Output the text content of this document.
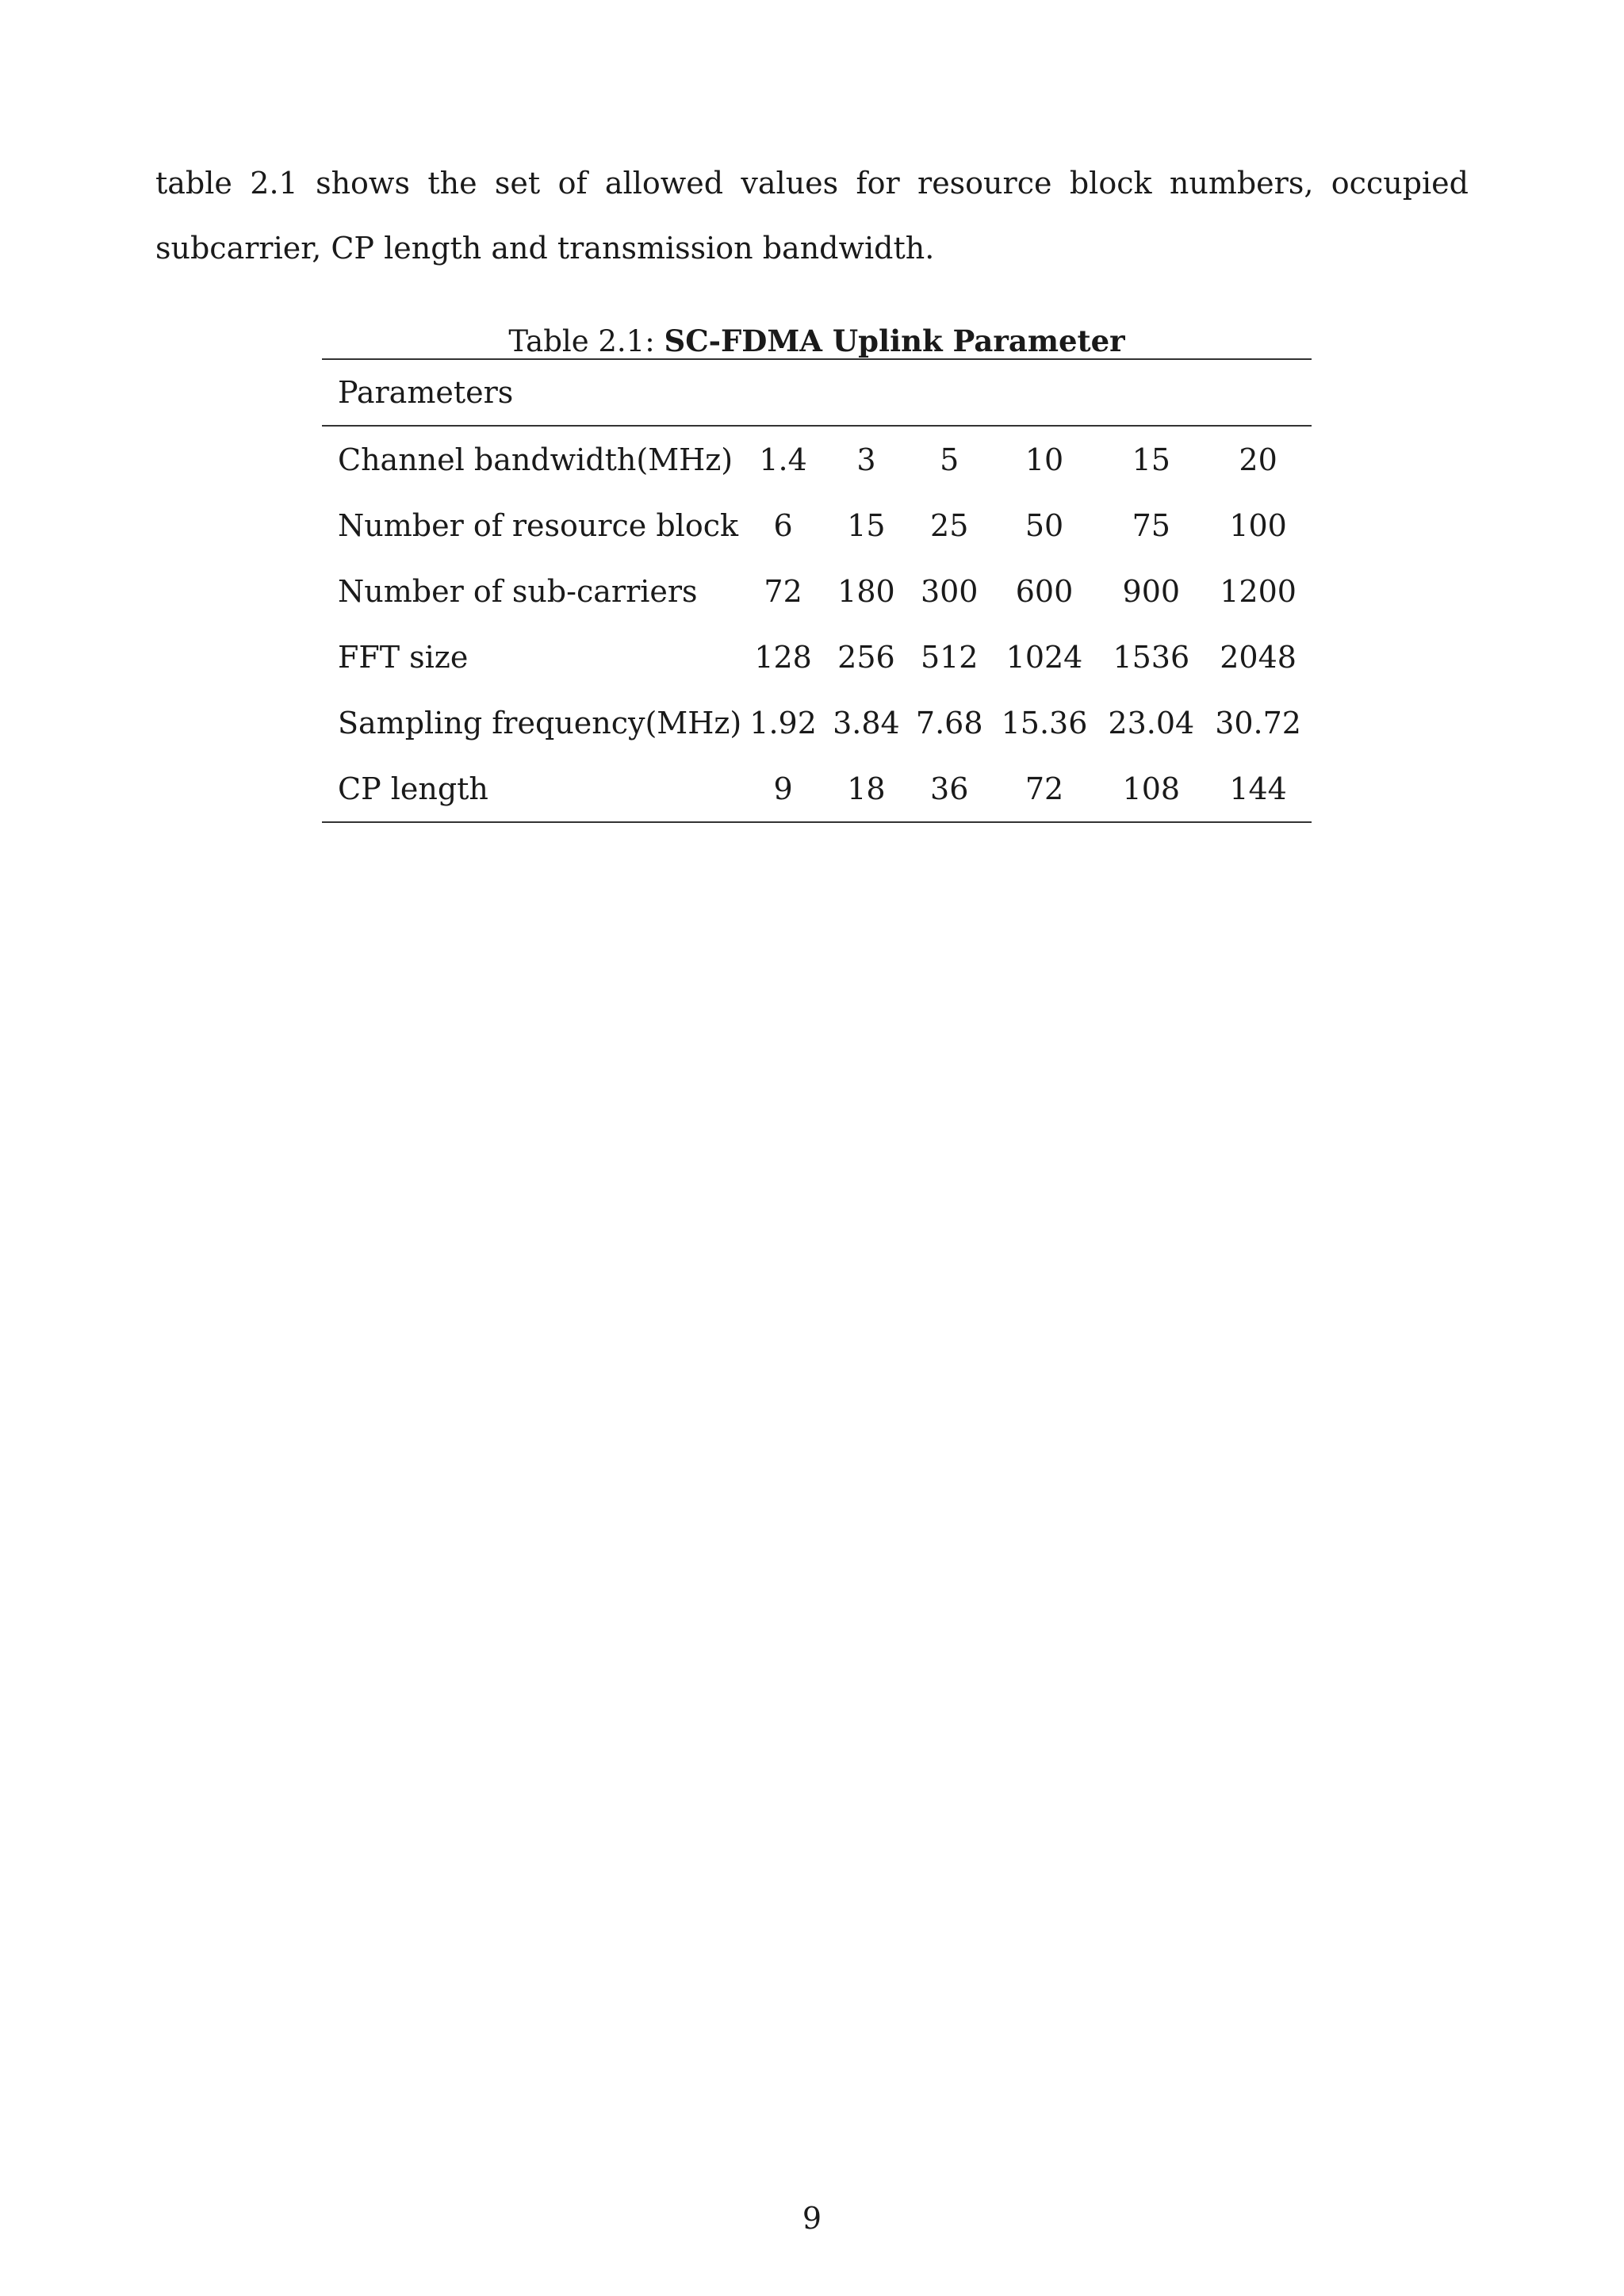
table 2.1 shows the set of allowed values for resource block numbers, occupied subcarrier, CP length and transmission bandwidth.

Table 2.1: SC-FDMA Uplink Parameter

Parameters						
Channel bandwidth(MHz)	1.4	3	5	10	15	20
Number of resource block	6	15	25	50	75	100
Number of sub-carriers	72	180	300	600	900	1200
FFT size	128	256	512	1024	1536	2048
Sampling frequency(MHz)	1.92	3.84	7.68	15.36	23.04	30.72
CP length	9	18	36	72	108	144

9
